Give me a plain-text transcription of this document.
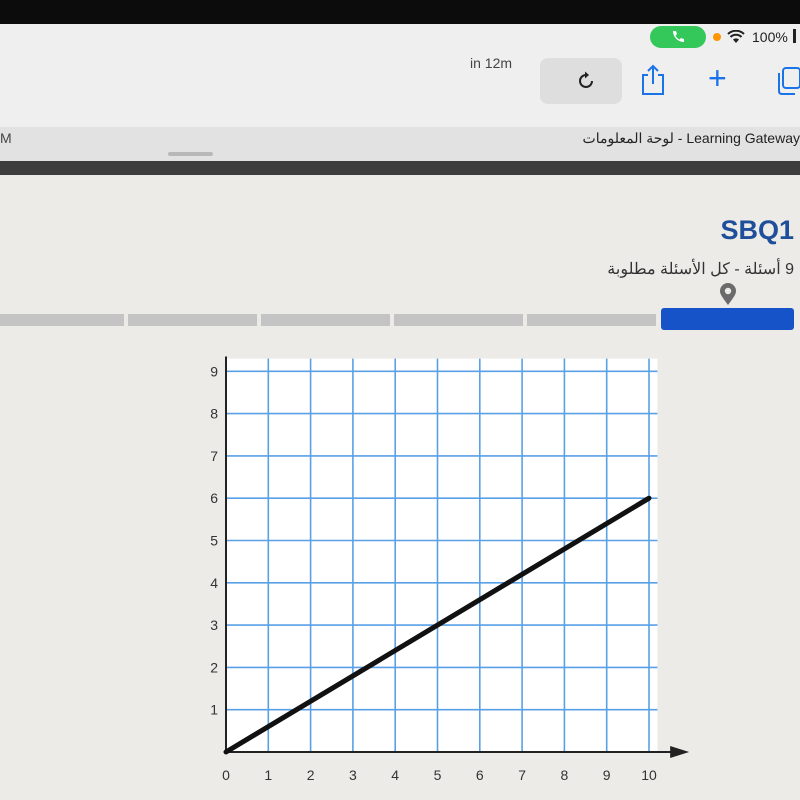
100%
in 12m	+
M	لوحة المعلومات - Learning Gateway
SBQ1
9 أسئلة - كل الأسئلة مطلوبة
0 1 2 3 4 5 6 7 8 9 10
1
2
3
4
5
6
7
8
9
